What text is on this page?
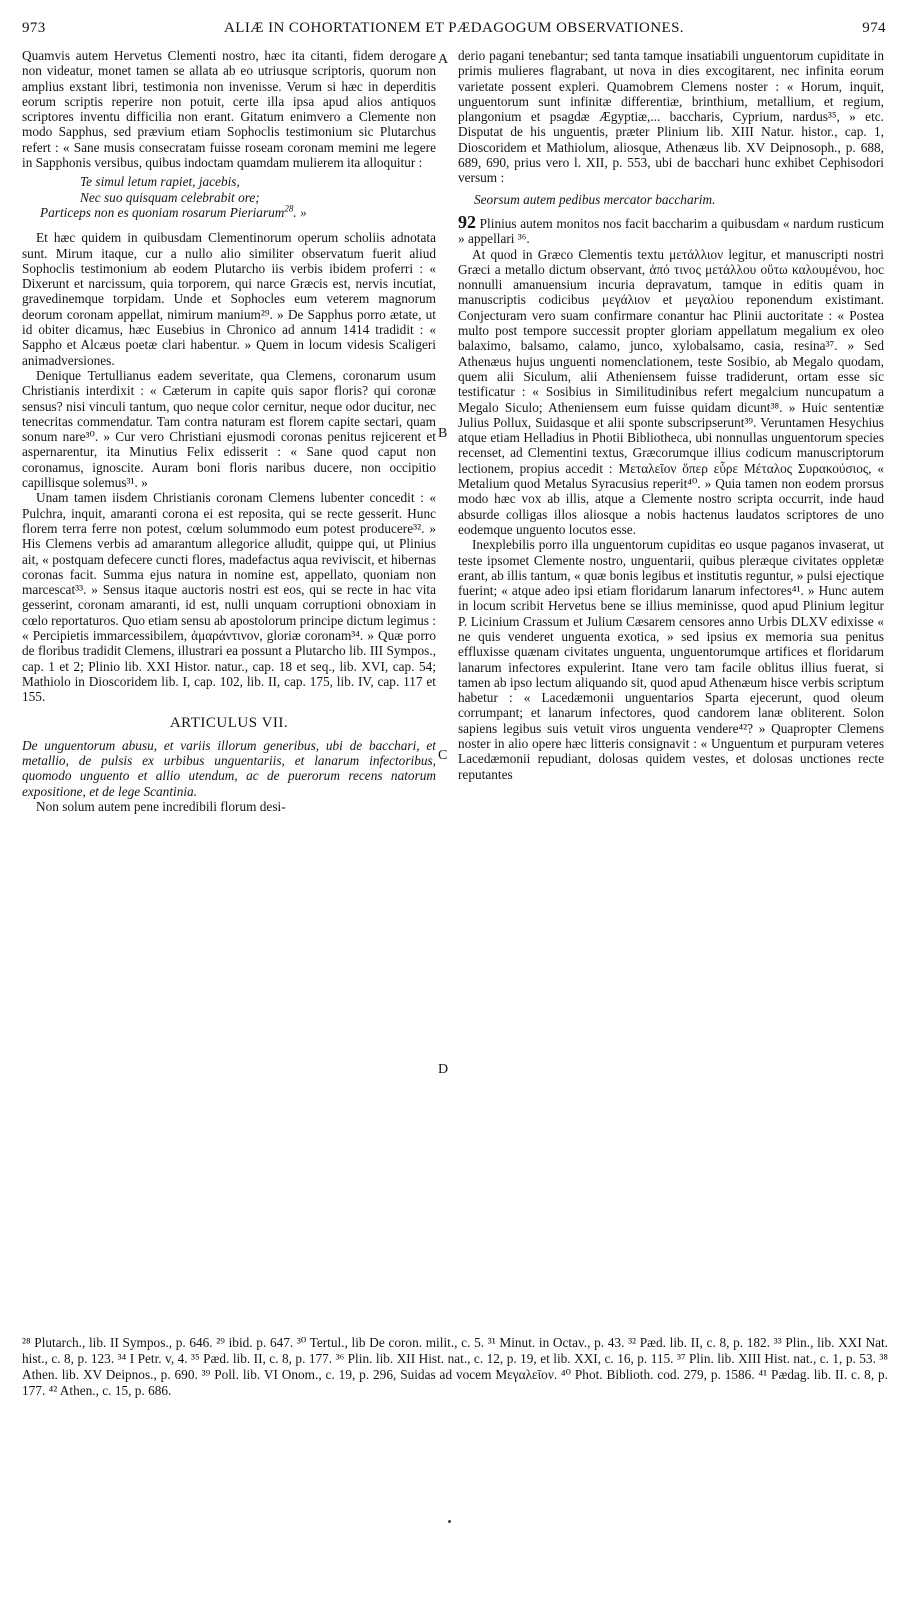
973	ALIÆ IN COHORTATIONEM ET PÆDAGOGUM OBSERVATIONES.	974
A
B
C
D

Quamvis autem Hervetus Clementi nostro, hæc ita citanti, fidem derogare non videatur, monet tamen se allata ab eo utriusque scriptoris, quorum non amplius exstant libri, testimonia non invenisse. Verum si hæc in deperditis eorum scriptis reperire non potuit, certe illa ipsa apud alios antiquos scriptores inventu difficilia non erant. Gitatum enimvero a Clemente non modo Sapphus, sed prævium etiam Sophoclis testimonium sic Plutarchus refert : « Sane musis consecratam fuisse roseam coronam memini me legere in Sapphonis versibus, quibus indoctam quamdam mulierem ita alloquitur :

Te simul letum rapiet, jacebis,
Nec suo quisquam celebrabit ore;
Particeps non es quoniam rosarum Pieriarum$^{28}$. »

Et hæc quidem in quibusdam Clementinorum operum scholiis adnotata sunt. Mirum itaque, cur a nullo alio similiter observatum fuerit aliud Sophoclis testimonium ab eodem Plutarcho iis verbis ibidem proferri : « Dixerunt et narcissum, quia torporem, qui narce Græcis est, nervis incutiat, gravedinemque torpidam. Unde et Sophocles eum veterem magnorum deorum coronam appellat, nimirum manium²⁹. » De Sapphus porro ætate, ut id obiter dicamus, hæc Eusebius in Chronico ad annum 1414 tradidit : « Sappho et Alcæus poetæ clari habentur. » Quem in locum videsis Scaligeri animadversiones.

Denique Tertullianus eadem severitate, qua Clemens, coronarum usum Christianis interdixit : « Cæterum in capite quis sapor floris? qui coronæ sensus? nisi vinculi tantum, quo neque color cernitur, neque odor ducitur, nec tenecritas commendatur. Tam contra naturam est florem capite sectari, quam sonum nare³⁰. » Cur vero Christiani ejusmodi coronas penitus rejicerent et aspernarentur, ita Minutius Felix edisserit : « Sane quod caput non coronamus, ignoscite. Auram boni floris naribus ducere, non occipitio capillisque solemus³¹. »

Unam tamen iisdem Christianis coronam Clemens lubenter concedit : « Pulchra, inquit, amaranti corona ei est reposita, qui se recte gesserit. Hunc florem terra ferre non potest, cœlum solummodo eum potest producere³². » His Clemens verbis ad amarantum allegorice alludit, quippe qui, ut Plinius ait, « postquam defecere cuncti flores, madefactus aqua reviviscit, et hibernas coronas facit. Summa ejus natura in nomine est, appellato, quoniam non marcescat³³. » Sensus itaque auctoris nostri est eos, qui se recte in hac vita gesserint, coronam amaranti, id est, nulli unquam corruptioni obnoxiam in cœlo reportaturos. Quo etiam sensu ab apostolorum principe dictum legimus : « Percipietis immarcessibilem, ἀμαράντινον, gloriæ coronam³⁴. » Quæ porro de floribus tradidit Clemens, illustrari ea possunt a Plutarcho lib. III Sympos., cap. 1 et 2; Plinio lib. XXI Histor. natur., cap. 18 et seq., lib. XVI, cap. 54; Mathiolo in Dioscoridem lib. I, cap. 102, lib. II, cap. 175, lib. IV, cap. 117 et 155.

ARTICULUS VII.

De unguentorum abusu, et variis illorum generibus, ubi de bacchari, et metallio, de pulsis ex urbibus unguentariis, et lanarum infectoribus, quomodo unguento et allio utendum, ac de puerorum recens natorum expositione, et de lege Scantinia.

Non solum autem pene incredibili florum desi-

derio pagani tenebantur; sed tanta tamque insatiabili unguentorum cupiditate in primis mulieres flagrabant, ut nova in dies excogitarent, nec infinita eorum varietate possent expleri. Quamobrem Clemens noster : « Horum, inquit, unguentorum sunt infinitæ differentiæ, brinthium, metallium, et regium, plangonium et psagdæ Ægyptiæ,... baccharis, Cyprium, nardus³⁵, » etc. Disputat de his unguentis, præter Plinium lib. XIII Natur. histor., cap. 1, Dioscoridem et Mathiolum, aliosque, Athenæus lib. XV Deipnosoph., p. 688, 689, 690, prius vero l. XII, p. 553, ubi de bacchari hunc exhibet Cephisodori versum :

Seorsum autem pedibus mercator baccharim.

92 Plinius autem monitos nos facit baccharim a quibusdam « nardum rusticum » appellari ³⁶.

At quod in Græco Clementis textu μετάλλιον legitur, et manuscripti nostri Græci a metallo dictum observant, ἀπό τινος μετάλλου οὕτω καλουμένου, hoc nonnulli amanuensium incuria depravatum, tamque in editis quam in manuscriptis codicibus μεγάλιον et μεγαλίου reponendum existimant. Conjecturam vero suam confirmare conantur hac Plinii auctoritate : « Postea multo post tempore successit propter gloriam appellatum megalium ex oleo balaximo, balsamo, calamo, junco, xylobalsamo, casia, resina³⁷. » Sed Athenæus hujus unguenti nomenclationem, teste Sosibio, ab Megalo quodam, quem alii Siculum, alii Atheniensem fuisse tradiderunt, ortam esse sic testificatur : « Sosibius in Similitudinibus refert megalcium nuncupatum a Megalo Siculo; Atheniensem eum fuisse quidam dicunt³⁸. » Huic sententiæ Julius Pollux, Suidasque et alii sponte subscripserunt³⁹. Veruntamen Hesychius atque etiam Helladius in Photii Bibliotheca, ubi nonnullas unguentorum species recenset, ad Clementini textus, Græcorumque illius codicum manuscriptorum lectionem, propius accedit : Μεταλεῖον ὅπερ εὗρε Μέταλος Συρακούσιος, « Metalium quod Metalus Syracusius reperit⁴⁰. » Quia tamen non eodem prorsus modo hæc vox ab illis, atque a Clemente nostro scripta occurrit, inde haud absurde colligas illos aliosque a nobis hactenus laudatos scriptores de uno eodemque unguento locutos esse.

Inexplebilis porro illa unguentorum cupiditas eo usque paganos invaserat, ut teste ipsomet Clemente nostro, unguentarii, quibus pleræque civitates oppletæ erant, ab illis tantum, « quæ bonis legibus et institutis reguntur, » pulsi ejectique fuerint; « atque adeo ipsi etiam floridarum lanarum infectores⁴¹. » Hunc autem in locum scribit Hervetus bene se illius meminisse, quod apud Plinium legitur P. Licinium Crassum et Julium Cæsarem censores anno Urbis DLXV edixisse « ne quis venderet unguenta exotica, » sed ipsius ex memoria sua penitus effluxisse quænam civitates unguenta, unguentorumque artifices et floridarum lanarum infectores expulerint. Itane vero tam facile oblitus illius fuerat, si tamen ab ipso lectum aliquando sit, quod apud Athenæum hisce verbis scriptum habetur : « Lacedæmonii unguentarios Sparta ejecerunt, quod oleum corrumpant; et lanarum infectores, quod candorem lanæ obliterent. Solon sapiens legibus suis vetuit viros unguenta vendere⁴²? » Quapropter Clemens noster in alio opere hæc litteris consignavit : « Unguentum et purpuram veteres Lacedæmonii repudiant, dolosas quidem vestes, et dolosas unctiones recte reputantes

²⁸ Plutarch., lib. II Sympos., p. 646. ²⁹ ibid. p. 647. ³⁰ Tertul., lib De coron. milit., c. 5. ³¹ Minut. in Octav., p. 43. ³² Pæd. lib. II, c. 8, p. 182. ³³ Plin., lib. XXI Nat. hist., c. 8, p. 123. ³⁴ I Petr. v, 4. ³⁵ Pæd. lib. II, c. 8, p. 177. ³⁶ Plin. lib. XII Hist. nat., c. 12, p. 19, et lib. XXI, c. 16, p. 115. ³⁷ Plin. lib. XIII Hist. nat., c. 1, p. 53. ³⁸ Athen. lib. XV Deipnos., p. 690. ³⁹ Poll. lib. VI Onom., c. 19, p. 296, Suidas ad vocem Μεγαλεῖον. ⁴⁰ Phot. Biblioth. cod. 279, p. 1586. ⁴¹ Pædag. lib. II. c. 8, p. 177. ⁴² Athen., c. 15, p. 686.
